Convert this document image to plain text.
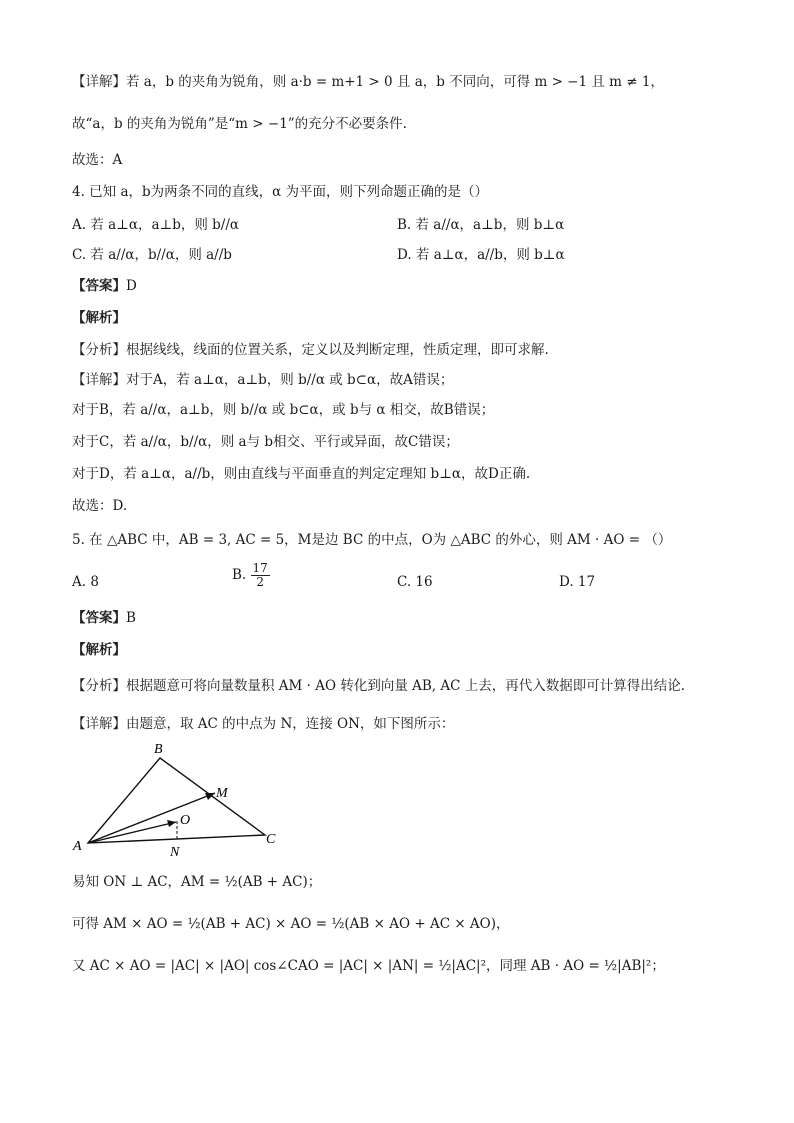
【详解】若 a，b 的夹角为锐角，则 a·b = m+1 > 0 且 a，b 不同向，可得 m > −1 且 m ≠ 1，
故“a，b 的夹角为锐角”是“m > −1”的充分不必要条件.
故选：A
4. 已知 a，b为两条不同的直线，α 为平面，则下列命题正确的是（）
A. 若 a⊥α，a⊥b，则 b//α	B. 若 a//α，a⊥b，则 b⊥α
C. 若 a//α，b//α，则 a//b	D. 若 a⊥α，a//b，则 b⊥α
【答案】D
【解析】
【分析】根据线线，线面的位置关系，定义以及判断定理，性质定理，即可求解.
【详解】对于A，若 a⊥α，a⊥b，则 b//α 或 b⊂α，故A错误；
对于B，若 a//α，a⊥b，则 b//α 或 b⊂α，或 b与 α 相交，故B错误；
对于C，若 a//α，b//α，则 a与 b相交、平行或异面，故C错误；
对于D，若 a⊥α，a//b，则由直线与平面垂直的判定定理知 b⊥α，故D正确.
故选：D.
5. 在 △ABC 中，AB = 3, AC = 5，M是边 BC 的中点，O为 △ABC 的外心，则 AM · AO = （）
A. 8	B. $\frac{17}{2}$	C. 16	D. 17
【答案】B
【解析】
【分析】根据题意可将向量数量积 AM · AO 转化到向量 AB, AC 上去，再代入数据即可计算得出结论.
【详解】由题意，取 AC 的中点为 N，连接 ON，如下图所示：
B
M
O
A	N
C
易知 ON ⊥ AC，AM = ½(AB + AC)；
可得 AM × AO = ½(AB + AC) × AO = ½(AB × AO + AC × AO)，
又 AC × AO = |AC| × |AO| cos∠CAO = |AC| × |AN| = ½|AC|²，同理 AB · AO = ½|AB|²；
